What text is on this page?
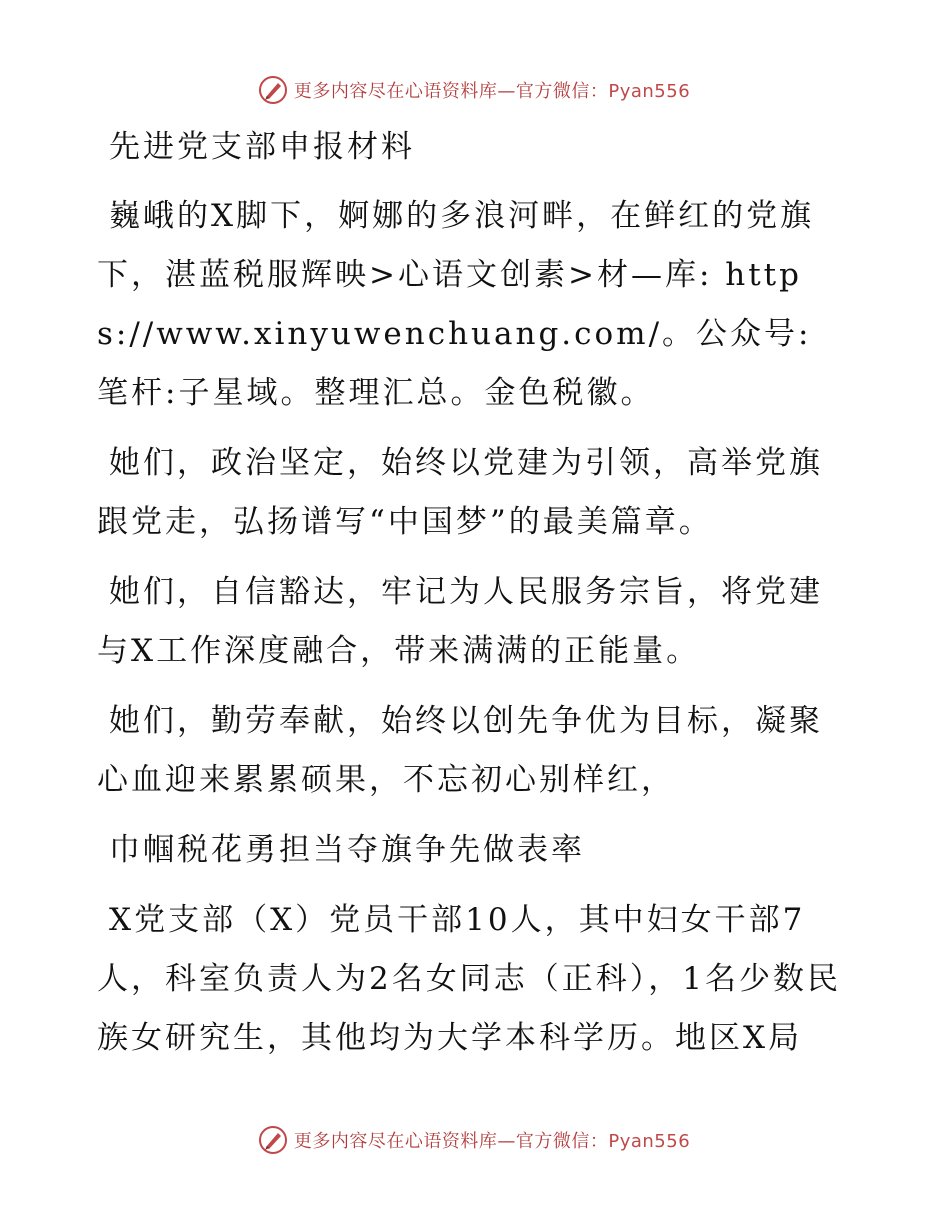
更多内容尽在心语资料库—官方微信：Pyan556

先进党支部申报材料

巍峨的X脚下，婀娜的多浪河畔，在鲜红的党旗下，湛蓝税服辉映>心语文创素>材—库: https://www.xinyuwenchuang.com/。公众号: 笔杆:子星域。整理汇总。金色税徽。

她们，政治坚定，始终以党建为引领，高举党旗跟党走，弘扬谱写“中国梦”的最美篇章。

她们，自信豁达，牢记为人民服务宗旨，将党建与X工作深度融合，带来满满的正能量。

她们，勤劳奉献，始终以创先争优为目标，凝聚心血迎来累累硕果，不忘初心别样红，

巾帼税花勇担当夺旗争先做表率

X党支部（X）党员干部10人，其中妇女干部7人，科室负责人为2名女同志（正科），1名少数民族女研究生，其他均为大学本科学历。地区X局

更多内容尽在心语资料库—官方微信：Pyan556
